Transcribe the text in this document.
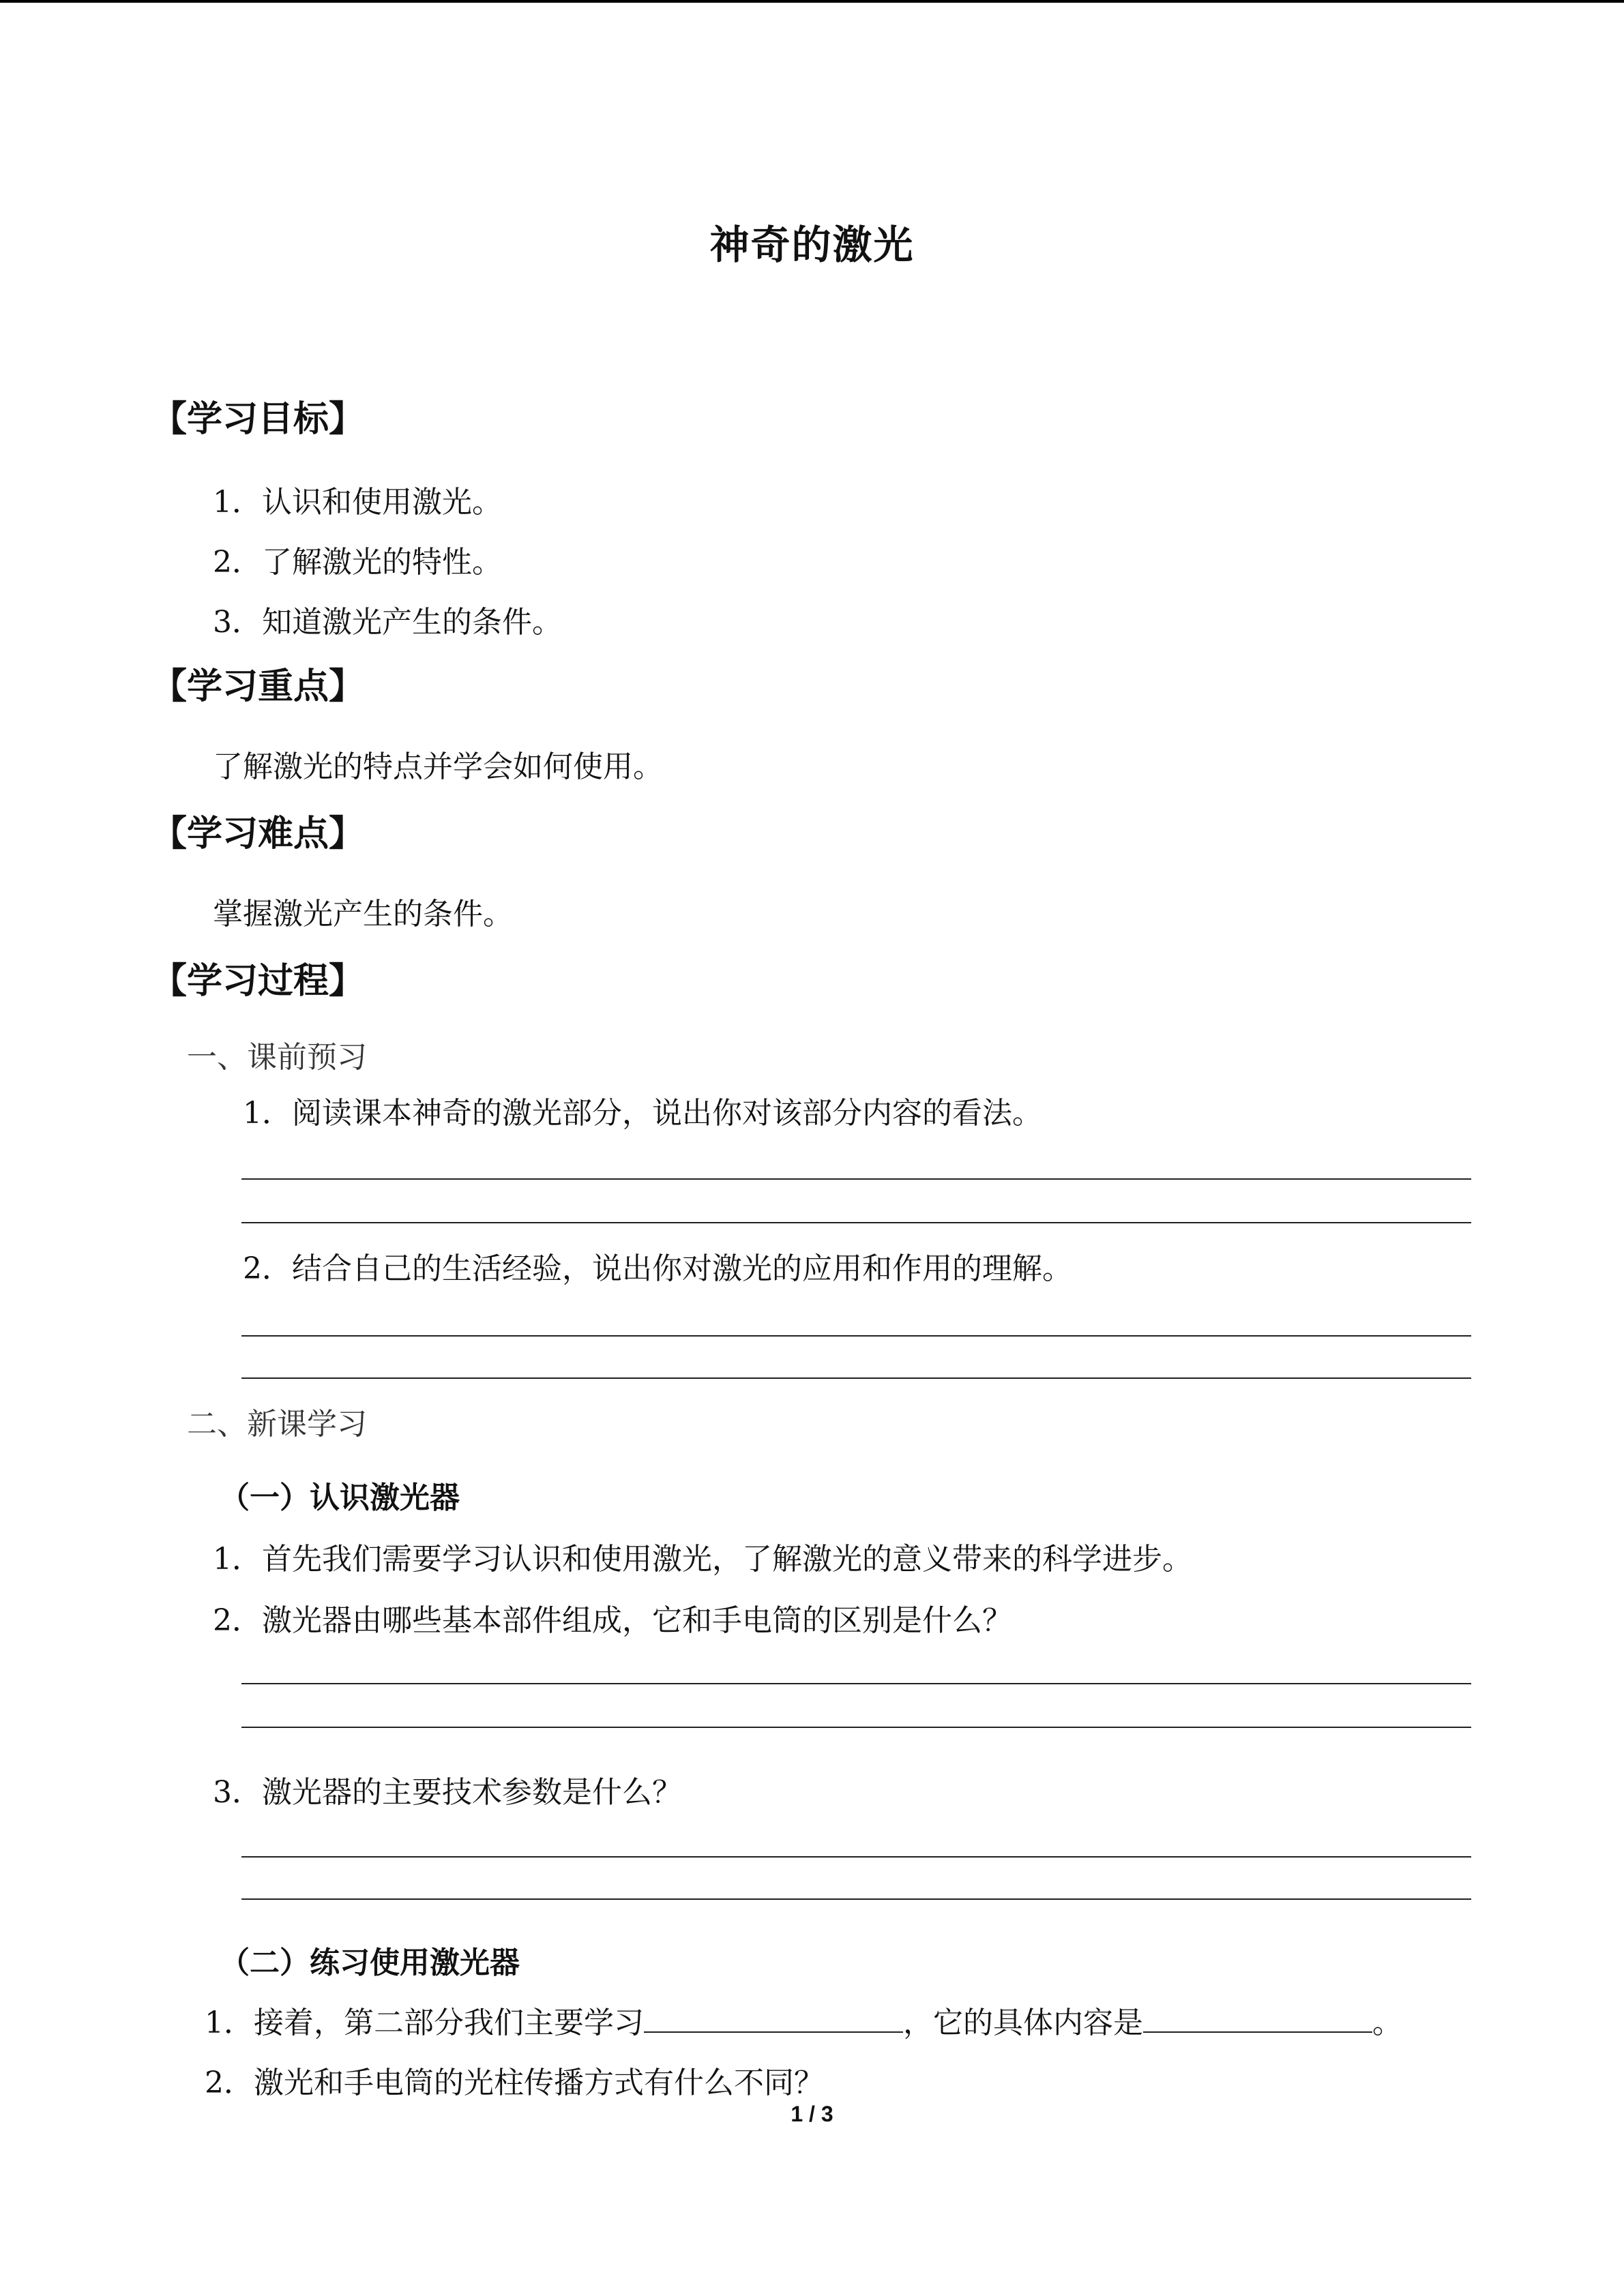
神奇的激光
【学习目标】
1．认识和使用激光。
2．了解激光的特性。
3．知道激光产生的条件。
【学习重点】
了解激光的特点并学会如何使用。
【学习难点】
掌握激光产生的条件。
【学习过程】
一、课前预习
1．阅读课本神奇的激光部分，说出你对该部分内容的看法。
2．结合自己的生活经验，说出你对激光的应用和作用的理解。
二、新课学习
（一）认识激光器
1．首先我们需要学习认识和使用激光，了解激光的意义带来的科学进步。
2．激光器由哪些基本部件组成，它和手电筒的区别是什么？
3．激光器的主要技术参数是什么？
（二）练习使用激光器
1．接着，第二部分我们主要学习	，它的具体内容是	。
2．激光和手电筒的光柱传播方式有什么不同？
1 / 3
